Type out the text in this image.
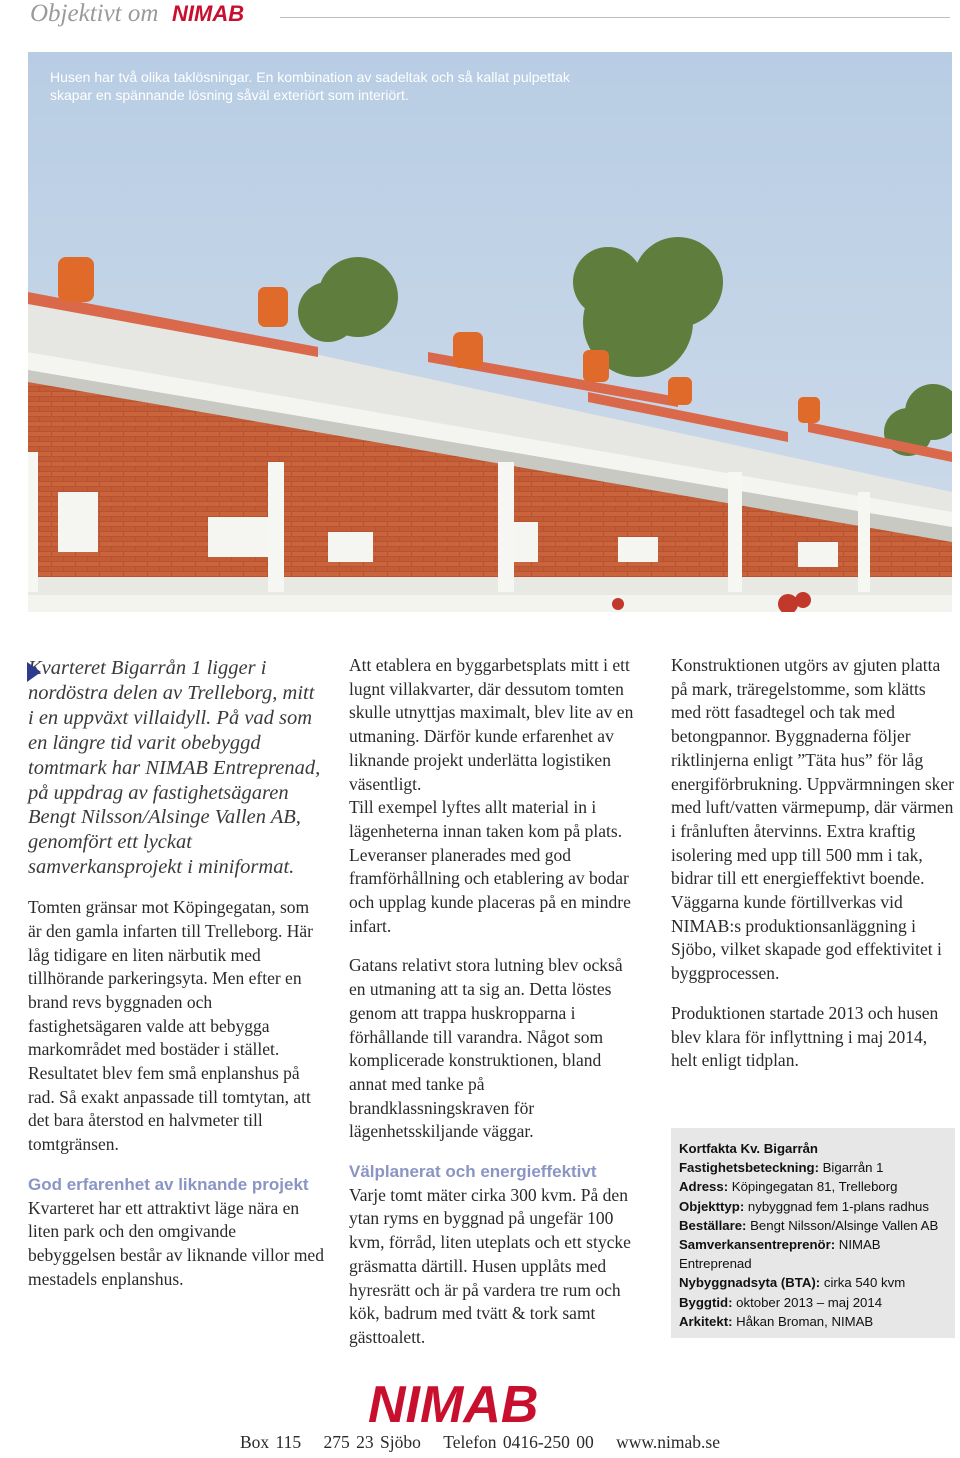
Objektivt om NIMAB
Husen har två olika taklösningar. En kombination av sadeltak och så kallat pulpettak skapar en spännande lösning såväl exteriört som interiört.

Kvarteret Bigarrån 1 ligger i nordöstra delen av Trelleborg, mitt i en uppväxt villaidyll. På vad som en längre tid varit obebyggd tomtmark har NIMAB Entreprenad, på uppdrag av fastighetsägaren Bengt Nilsson/Alsinge Vallen AB, genomfört ett lyckat samverkansprojekt i miniformat.

Tomten gränsar mot Köpingegatan, som är den gamla infarten till Trelleborg. Här låg tidigare en liten närbutik med tillhörande parkeringsyta. Men efter en brand revs byggnaden och fastighetsägaren valde att bebygga markområdet med bostäder i stället. Resultatet blev fem små enplanshus på rad. Så exakt anpassade till tomtytan, att det bara återstod en halvmeter till tomtgränsen.

God erfarenhet av liknande projekt

Kvarteret har ett attraktivt läge nära en liten park och den omgivande bebyggelsen består av liknande villor med mestadels enplanshus.

Att etablera en byggarbetsplats mitt i ett lugnt villakvarter, där dessutom tomten skulle utnyttjas maximalt, blev lite av en utmaning. Därför kunde erfarenhet av liknande projekt underlätta logistiken väsentligt.

Till exempel lyftes allt material in i lägenheterna innan taken kom på plats. Leveranser planerades med god framförhållning och etablering av bodar och upplag kunde placeras på en mindre infart.

Gatans relativt stora lutning blev också en utmaning att ta sig an. Detta löstes genom att trappa huskropparna i förhållande till varandra. Något som komplicerade konstruktionen, bland annat med tanke på brandklassningskraven för lägenhetsskiljande väggar.

Välplanerat och energieffektivt

Varje tomt mäter cirka 300 kvm. På den ytan ryms en byggnad på ungefär 100 kvm, förråd, liten uteplats och ett stycke gräsmatta därtill. Husen upplåts med hyresrätt och är på vardera tre rum och kök, badrum med tvätt & tork samt gästtoalett.

Konstruktionen utgörs av gjuten platta på mark, träregelstomme, som klätts med rött fasadtegel och tak med betongpannor. Byggnaderna följer riktlinjerna enligt ”Täta hus” för låg energiförbrukning. Uppvärmningen sker med luft/vatten värmepump, där värmen i frånluften återvinns. Extra kraftig isolering med upp till 500 mm i tak, bidrar till ett energieffektivt boende. Väggarna kunde förtillverkas vid NIMAB:s produktionsanläggning i Sjöbo, vilket skapade god effektivitet i byggprocessen.

Produktionen startade 2013 och husen blev klara för inflyttning i maj 2014, helt enligt tidplan.

Kortfakta Kv. Bigarrån
Fastighetsbeteckning: Bigarrån 1
Adress: Köpingegatan 81, Trelleborg
Objekttyp: nybyggnad fem 1-plans radhus
Beställare: Bengt Nilsson/Alsinge Vallen AB
Samverkansentreprenör: NIMAB Entreprenad
Nybyggnadsyta (BTA): cirka 540 kvm
Byggtid: oktober 2013 – maj 2014
Arkitekt: Håkan Broman, NIMAB
NIMAB
Box 115 275 23 Sjöbo Telefon 0416-250 00 www.nimab.se
